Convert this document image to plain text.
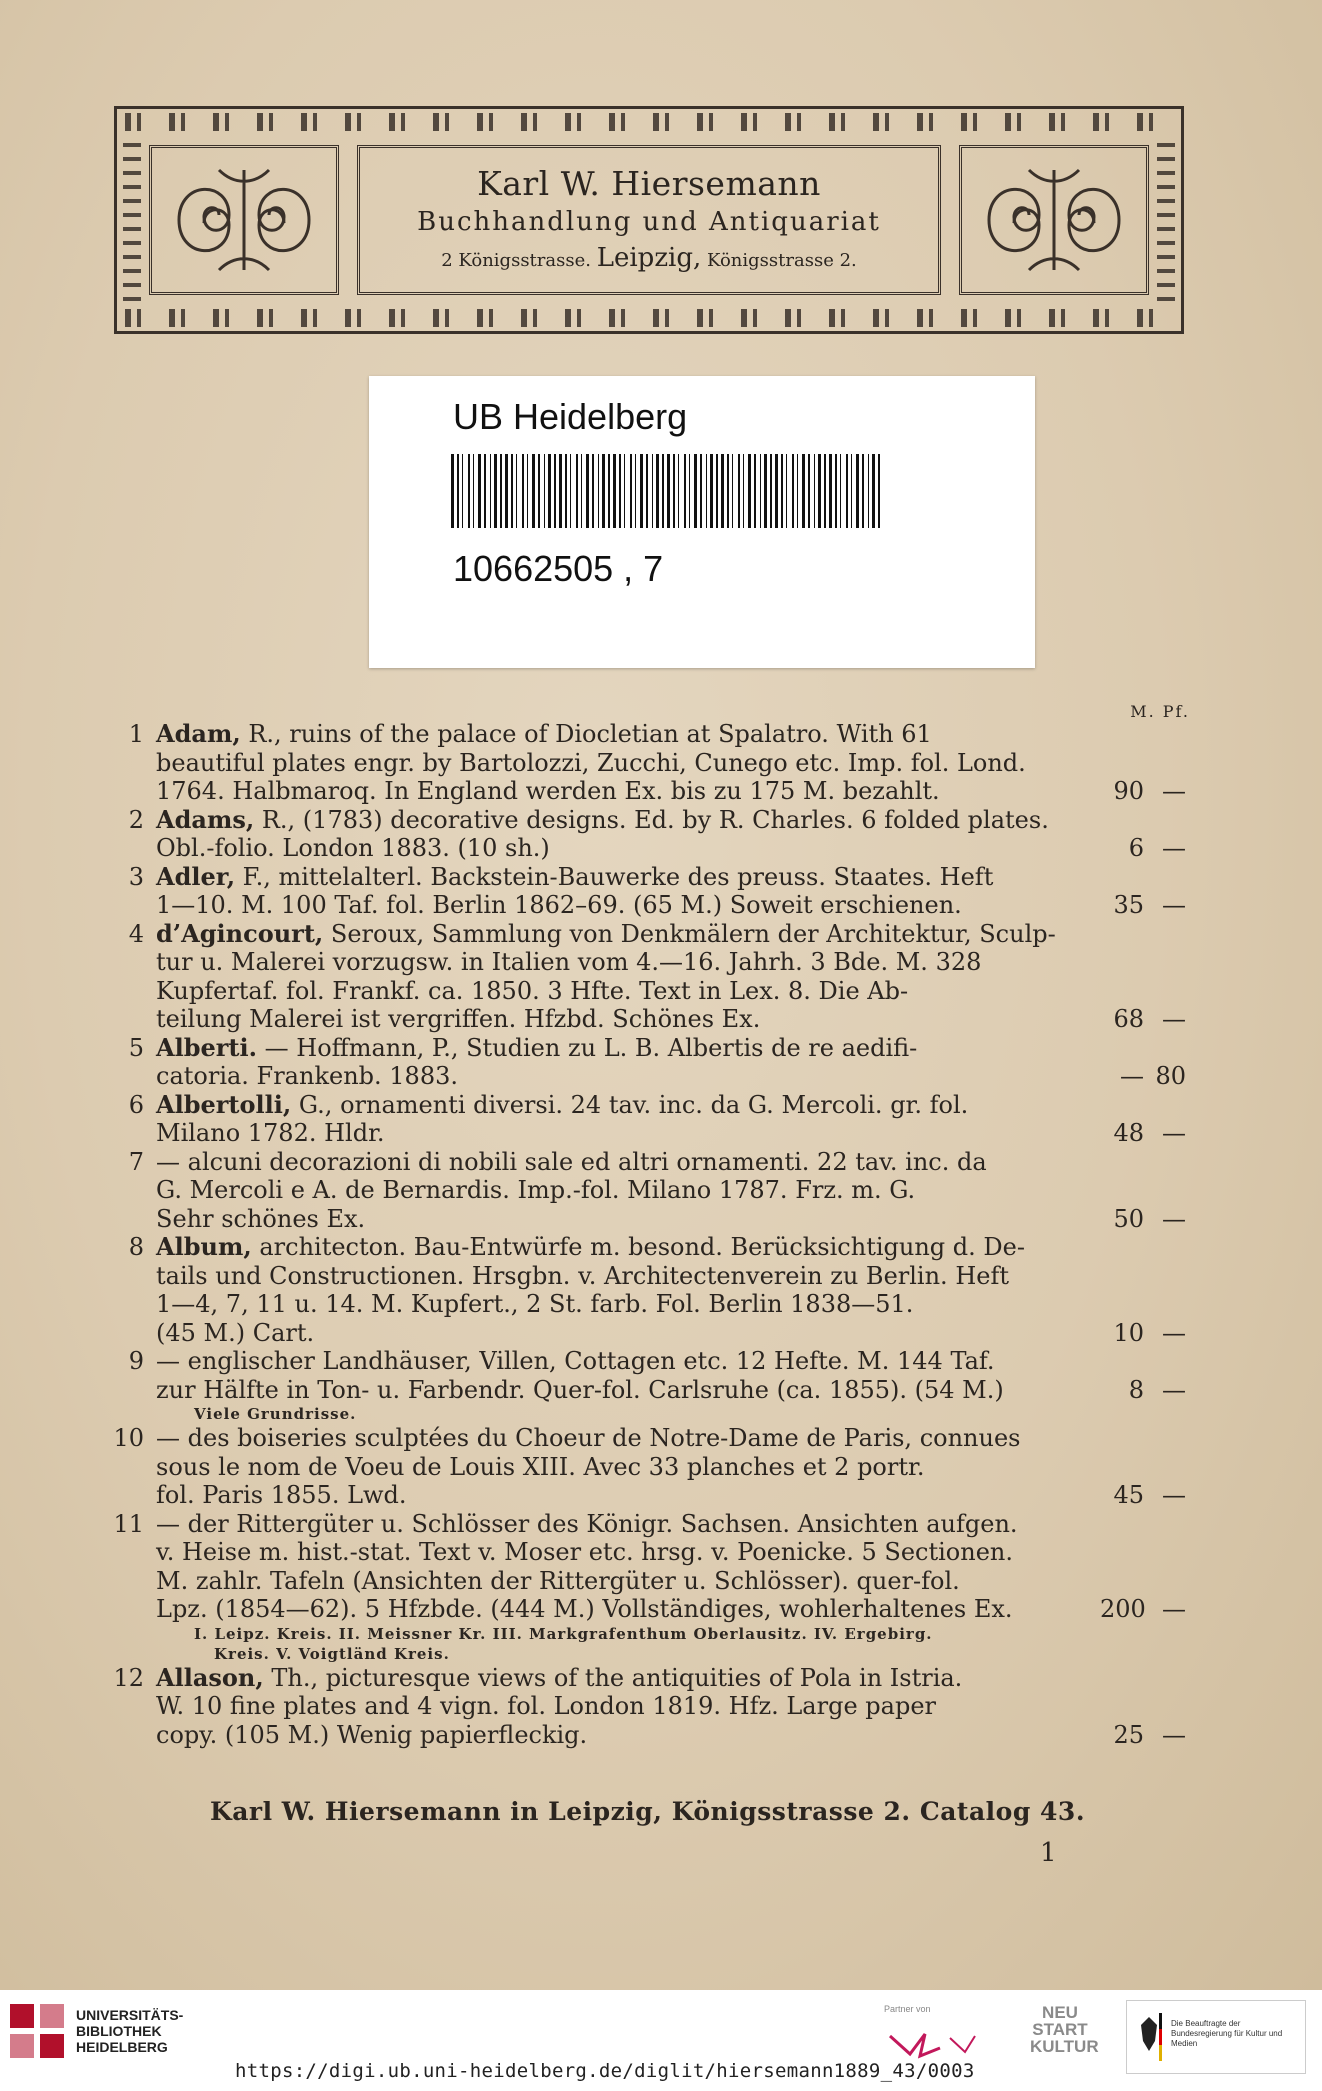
Karl W. Hiersemann
Buchhandlung und Antiquariat
2 Königsstrasse. Leipzig, Königsstrasse 2.
UB Heidelberg
10662505 , 7
M. Pf.
1 Adam, R., ruins of the palace of Diocletian at Spalatro. With 61
beautiful plates engr. by Bartolozzi, Zucchi, Cunego etc. Imp. fol. Lond.
1764. Halbmaroq. In England werden Ex. bis zu 175 M. bezahlt.	90 —
2 Adams, R., (1783) decorative designs. Ed. by R. Charles. 6 folded plates.
Obl.-folio. London 1883. (10 sh.)	6 —
3 Adler, F., mittelalterl. Backstein-Bauwerke des preuss. Staates. Heft
1—10. M. 100 Taf. fol. Berlin 1862–69. (65 M.) Soweit erschienen.	35 —
4 d’Agincourt, Seroux, Sammlung von Denkmälern der Architektur, Sculp-
tur u. Malerei vorzugsw. in Italien vom 4.—16. Jahrh. 3 Bde. M. 328
Kupfertaf. fol. Frankf. ca. 1850. 3 Hfte. Text in Lex. 8. Die Ab-
teilung Malerei ist vergriffen. Hfzbd. Schönes Ex.	68 —
5 Alberti. — Hoffmann, P., Studien zu L. B. Albertis de re aedifi-
catoria. Frankenb. 1883.	— 80
6 Albertolli, G., ornamenti diversi. 24 tav. inc. da G. Mercoli. gr. fol.
Milano 1782. Hldr.	48 —
7 — alcuni decorazioni di nobili sale ed altri ornamenti. 22 tav. inc. da
G. Mercoli e A. de Bernardis. Imp.-fol. Milano 1787. Frz. m. G.
Sehr schönes Ex.	50 —
8 Album, architecton. Bau-Entwürfe m. besond. Berücksichtigung d. De-
tails und Constructionen. Hrsgbn. v. Architectenverein zu Berlin. Heft
1—4, 7, 11 u. 14. M. Kupfert., 2 St. farb. Fol. Berlin 1838—51.
(45 M.) Cart.	10 —
9 — englischer Landhäuser, Villen, Cottagen etc. 12 Hefte. M. 144 Taf.
zur Hälfte in Ton- u. Farbendr. Quer-fol. Carlsruhe (ca. 1855). (54 M.)	8 —
Viele Grundrisse.
10 — des boiseries sculptées du Choeur de Notre-Dame de Paris, connues
sous le nom de Voeu de Louis XIII. Avec 33 planches et 2 portr.
fol. Paris 1855. Lwd.	45 —
11 — der Rittergüter u. Schlösser des Königr. Sachsen. Ansichten aufgen.
v. Heise m. hist.-stat. Text v. Moser etc. hrsg. v. Poenicke. 5 Sectionen.
M. zahlr. Tafeln (Ansichten der Rittergüter u. Schlösser). quer-fol.
Lpz. (1854—62). 5 Hfzbde. (444 M.) Vollständiges, wohlerhaltenes Ex.	200 —
I. Leipz. Kreis. II. Meissner Kr. III. Markgrafenthum Oberlausitz. IV. Ergebirg.
Kreis. V. Voigtländ Kreis.
12 Allason, Th., picturesque views of the antiquities of Pola in Istria.
W. 10 fine plates and 4 vign. fol. London 1819. Hfz. Large paper
copy. (105 M.) Wenig papierfleckig.	25 —
Karl W. Hiersemann in Leipzig, Königsstrasse 2. Catalog 43.
1
UNIVERSITÄTS-
BIBLIOTHEK
HEIDELBERG
Partner von	NEU
START
KULTUR
Die Beauftragte der Bundesregierung für Kultur und Medien
https://digi.ub.uni-heidelberg.de/diglit/hiersemann1889_43/0003
